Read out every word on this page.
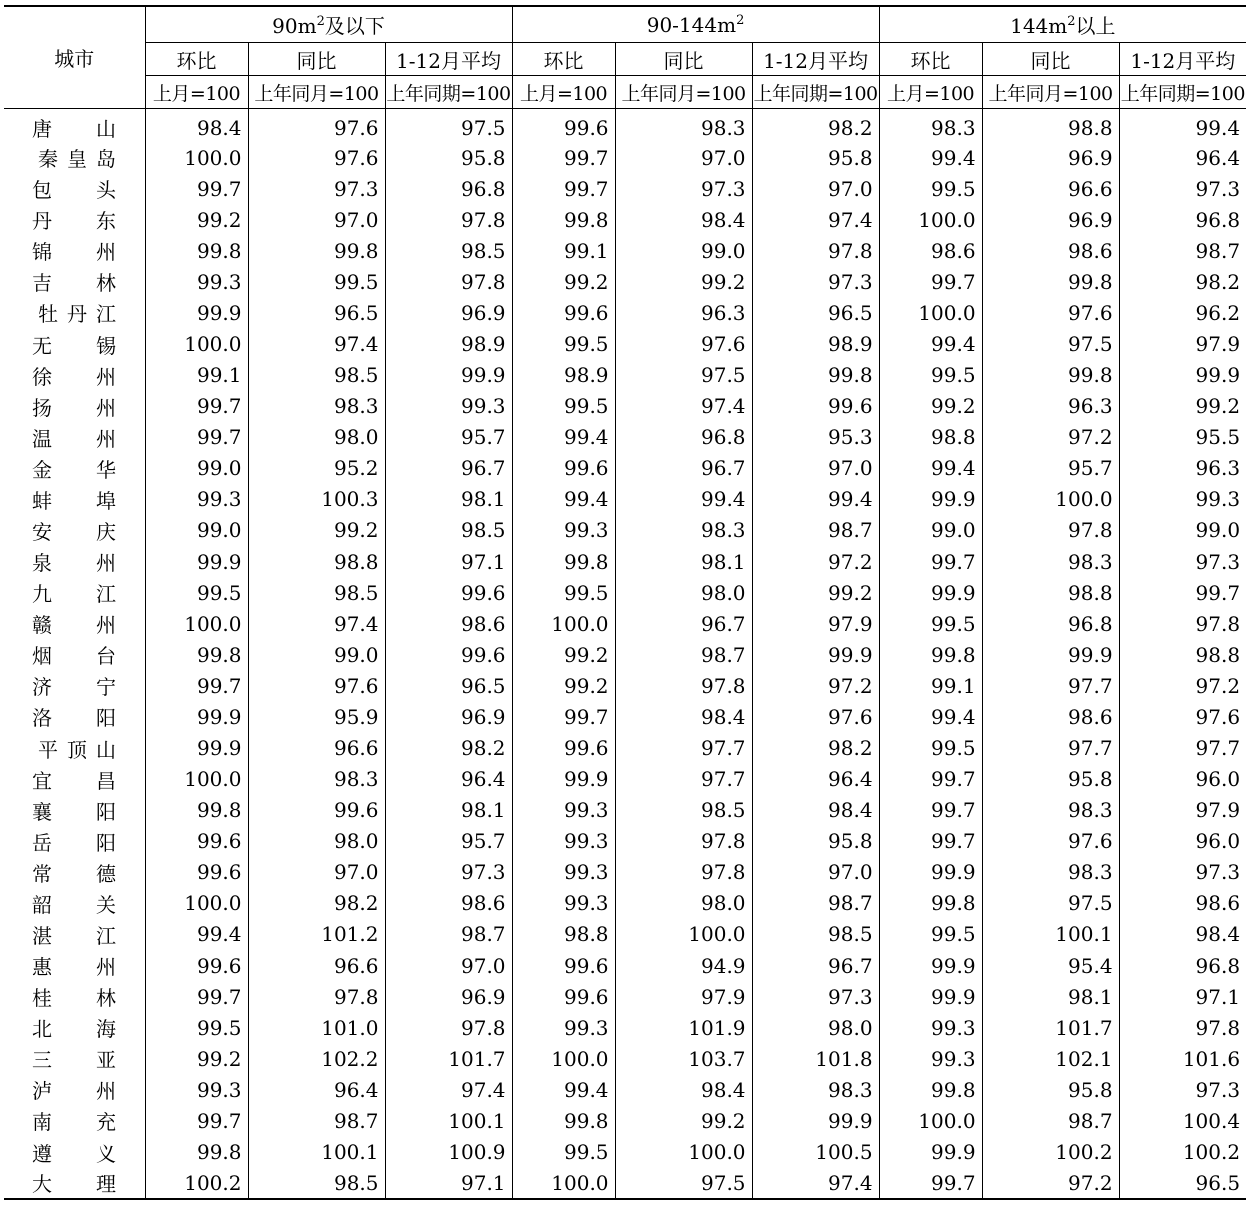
城市	$90m^2$及以下			$90-144m^2$			$144m^2$以上		
	环比	同比	1-12月平均	环比	同比	1-12月平均	环比	同比	1-12月平均
	上月=100	上年同月=100	上年同期=100	上月=100	上年同月=100	上年同期=100	上月=100	上年同月=100	上年同期=100

唐 山	98.4	97.6	97.5	99.6	98.3	98.2	98.3	98.8	99.4

秦 皇 岛	100.0	97.6	95.8	99.7	97.0	95.8	99.4	96.9	96.4

包 头	99.7	97.3	96.8	99.7	97.3	97.0	99.5	96.6	97.3

丹 东	99.2	97.0	97.8	99.8	98.4	97.4	100.0	96.9	96.8

锦 州	99.8	99.8	98.5	99.1	99.0	97.8	98.6	98.6	98.7

吉 林	99.3	99.5	97.8	99.2	99.2	97.3	99.7	99.8	98.2

牡 丹 江	99.9	96.5	96.9	99.6	96.3	96.5	100.0	97.6	96.2

无 锡	100.0	97.4	98.9	99.5	97.6	98.9	99.4	97.5	97.9

徐 州	99.1	98.5	99.9	98.9	97.5	99.8	99.5	99.8	99.9

扬 州	99.7	98.3	99.3	99.5	97.4	99.6	99.2	96.3	99.2

温 州	99.7	98.0	95.7	99.4	96.8	95.3	98.8	97.2	95.5

金 华	99.0	95.2	96.7	99.6	96.7	97.0	99.4	95.7	96.3

蚌 埠	99.3	100.3	98.1	99.4	99.4	99.4	99.9	100.0	99.3

安 庆	99.0	99.2	98.5	99.3	98.3	98.7	99.0	97.8	99.0

泉 州	99.9	98.8	97.1	99.8	98.1	97.2	99.7	98.3	97.3

九 江	99.5	98.5	99.6	99.5	98.0	99.2	99.9	98.8	99.7

赣 州	100.0	97.4	98.6	100.0	96.7	97.9	99.5	96.8	97.8

烟 台	99.8	99.0	99.6	99.2	98.7	99.9	99.8	99.9	98.8

济 宁	99.7	97.6	96.5	99.2	97.8	97.2	99.1	97.7	97.2

洛 阳	99.9	95.9	96.9	99.7	98.4	97.6	99.4	98.6	97.6

平 顶 山	99.9	96.6	98.2	99.6	97.7	98.2	99.5	97.7	97.7

宜 昌	100.0	98.3	96.4	99.9	97.7	96.4	99.7	95.8	96.0

襄 阳	99.8	99.6	98.1	99.3	98.5	98.4	99.7	98.3	97.9

岳 阳	99.6	98.0	95.7	99.3	97.8	95.8	99.7	97.6	96.0

常 德	99.6	97.0	97.3	99.3	97.8	97.0	99.9	98.3	97.3

韶 关	100.0	98.2	98.6	99.3	98.0	98.7	99.8	97.5	98.6

湛 江	99.4	101.2	98.7	98.8	100.0	98.5	99.5	100.1	98.4

惠 州	99.6	96.6	97.0	99.6	94.9	96.7	99.9	95.4	96.8

桂 林	99.7	97.8	96.9	99.6	97.9	97.3	99.9	98.1	97.1

北 海	99.5	101.0	97.8	99.3	101.9	98.0	99.3	101.7	97.8

三 亚	99.2	102.2	101.7	100.0	103.7	101.8	99.3	102.1	101.6

泸 州	99.3	96.4	97.4	99.4	98.4	98.3	99.8	95.8	97.3

南 充	99.7	98.7	100.1	99.8	99.2	99.9	100.0	98.7	100.4

遵 义	99.8	100.1	100.9	99.5	100.0	100.5	99.9	100.2	100.2

大 理	100.2	98.5	97.1	100.0	97.5	97.4	99.7	97.2	96.5
